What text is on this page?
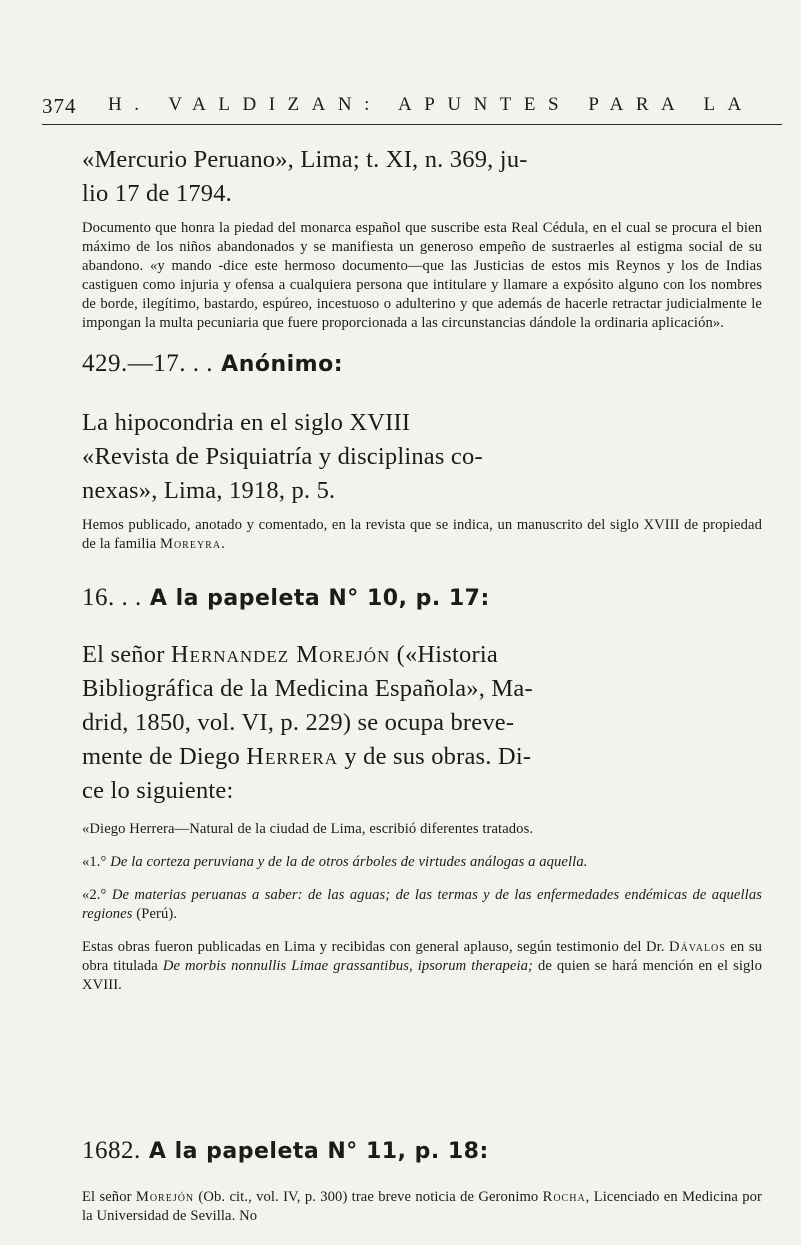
374 H. VALDIZAN: APUNTES PARA LA

«Mercurio Peruano», Lima; t. XI, n. 369, ju-

lio 17 de 1794.

Documento que honra la piedad del monarca español que suscribe esta Real Cédula, en el cual se procura el bien máximo de los niños abandonados y se manifiesta un generoso empeño de sustraerles al estigma social de su abandono. «y mando -dice este hermoso documento—que las Justicias de estos mis Reynos y los de Indias castiguen como injuria y ofensa a cualquiera persona que intitulare y llamare a expósito alguno con los nombres de borde, ilegítimo, bastardo, espúreo, incestuoso o adulterino y que además de hacerle retractar judicialmente le impongan la multa pecuniaria que fuere proporcionada a las circunstancias dándole la ordinaria aplicación».

429.—17. . . Anónimo:

La hipocondria en el siglo XVIII

«Revista de Psiquiatría y disciplinas co-

nexas», Lima, 1918, p. 5.

Hemos publicado, anotado y comentado, en la revista que se indica, un manuscrito del siglo XVIII de propiedad de la familia Moreyra.

16. . . A la papeleta N° 10, p. 17:

El señor Hernandez Morejón («Historia

Bibliográfica de la Medicina Española», Ma-

drid, 1850, vol. VI, p. 229) se ocupa breve-

mente de Diego Herrera y de sus obras. Di-

ce lo siguiente:

«Diego Herrera—Natural de la ciudad de Lima, escribió diferentes tratados.

«1.° De la corteza peruviana y de la de otros árboles de virtudes análogas a aquella.

«2.° De materias peruanas a saber: de las aguas; de las termas y de las enfermedades endémicas de aquellas regiones (Perú).

Estas obras fueron publicadas en Lima y recibidas con general aplauso, según testimonio del Dr. Dávalos en su obra titulada De morbis nonnullis Limae grassantibus, ipsorum therapeia; de quien se hará mención en el siglo XVIII.

1682. A la papeleta N° 11, p. 18:

El señor Morejón (Ob. cit., vol. IV, p. 300) trae breve noticia de Geronimo Rocha, Licenciado en Medicina por la Universidad de Sevilla. No
